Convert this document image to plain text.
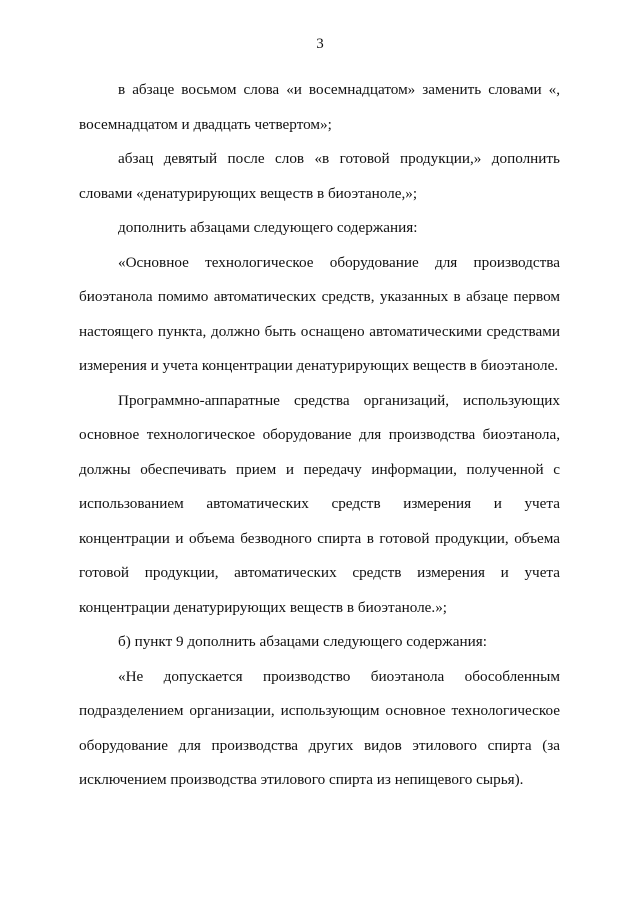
3

в абзаце восьмом слова «и восемнадцатом» заменить словами «, восемнадцатом и двадцать четвертом»;

абзац девятый после слов «в готовой продукции,» дополнить словами «денатурирующих веществ в биоэтаноле,»;

дополнить абзацами следующего содержания:

«Основное технологическое оборудование для производства биоэтанола помимо автоматических средств, указанных в абзаце первом настоящего пункта, должно быть оснащено автоматическими средствами измерения и учета концентрации денатурирующих веществ в биоэтаноле.

Программно-аппаратные средства организаций, использующих основное технологическое оборудование для производства биоэтанола, должны обеспечивать прием и передачу информации, полученной с использованием автоматических средств измерения и учета концентрации и объема безводного спирта в готовой продукции, объема готовой продукции, автоматических средств измерения и учета концентрации денатурирующих веществ в биоэтаноле.»;

б) пункт 9 дополнить абзацами следующего содержания:

«Не допускается производство биоэтанола обособленным подразделением организации, использующим основное технологическое оборудование для производства других видов этилового спирта (за исключением производства этилового спирта из непищевого сырья).
